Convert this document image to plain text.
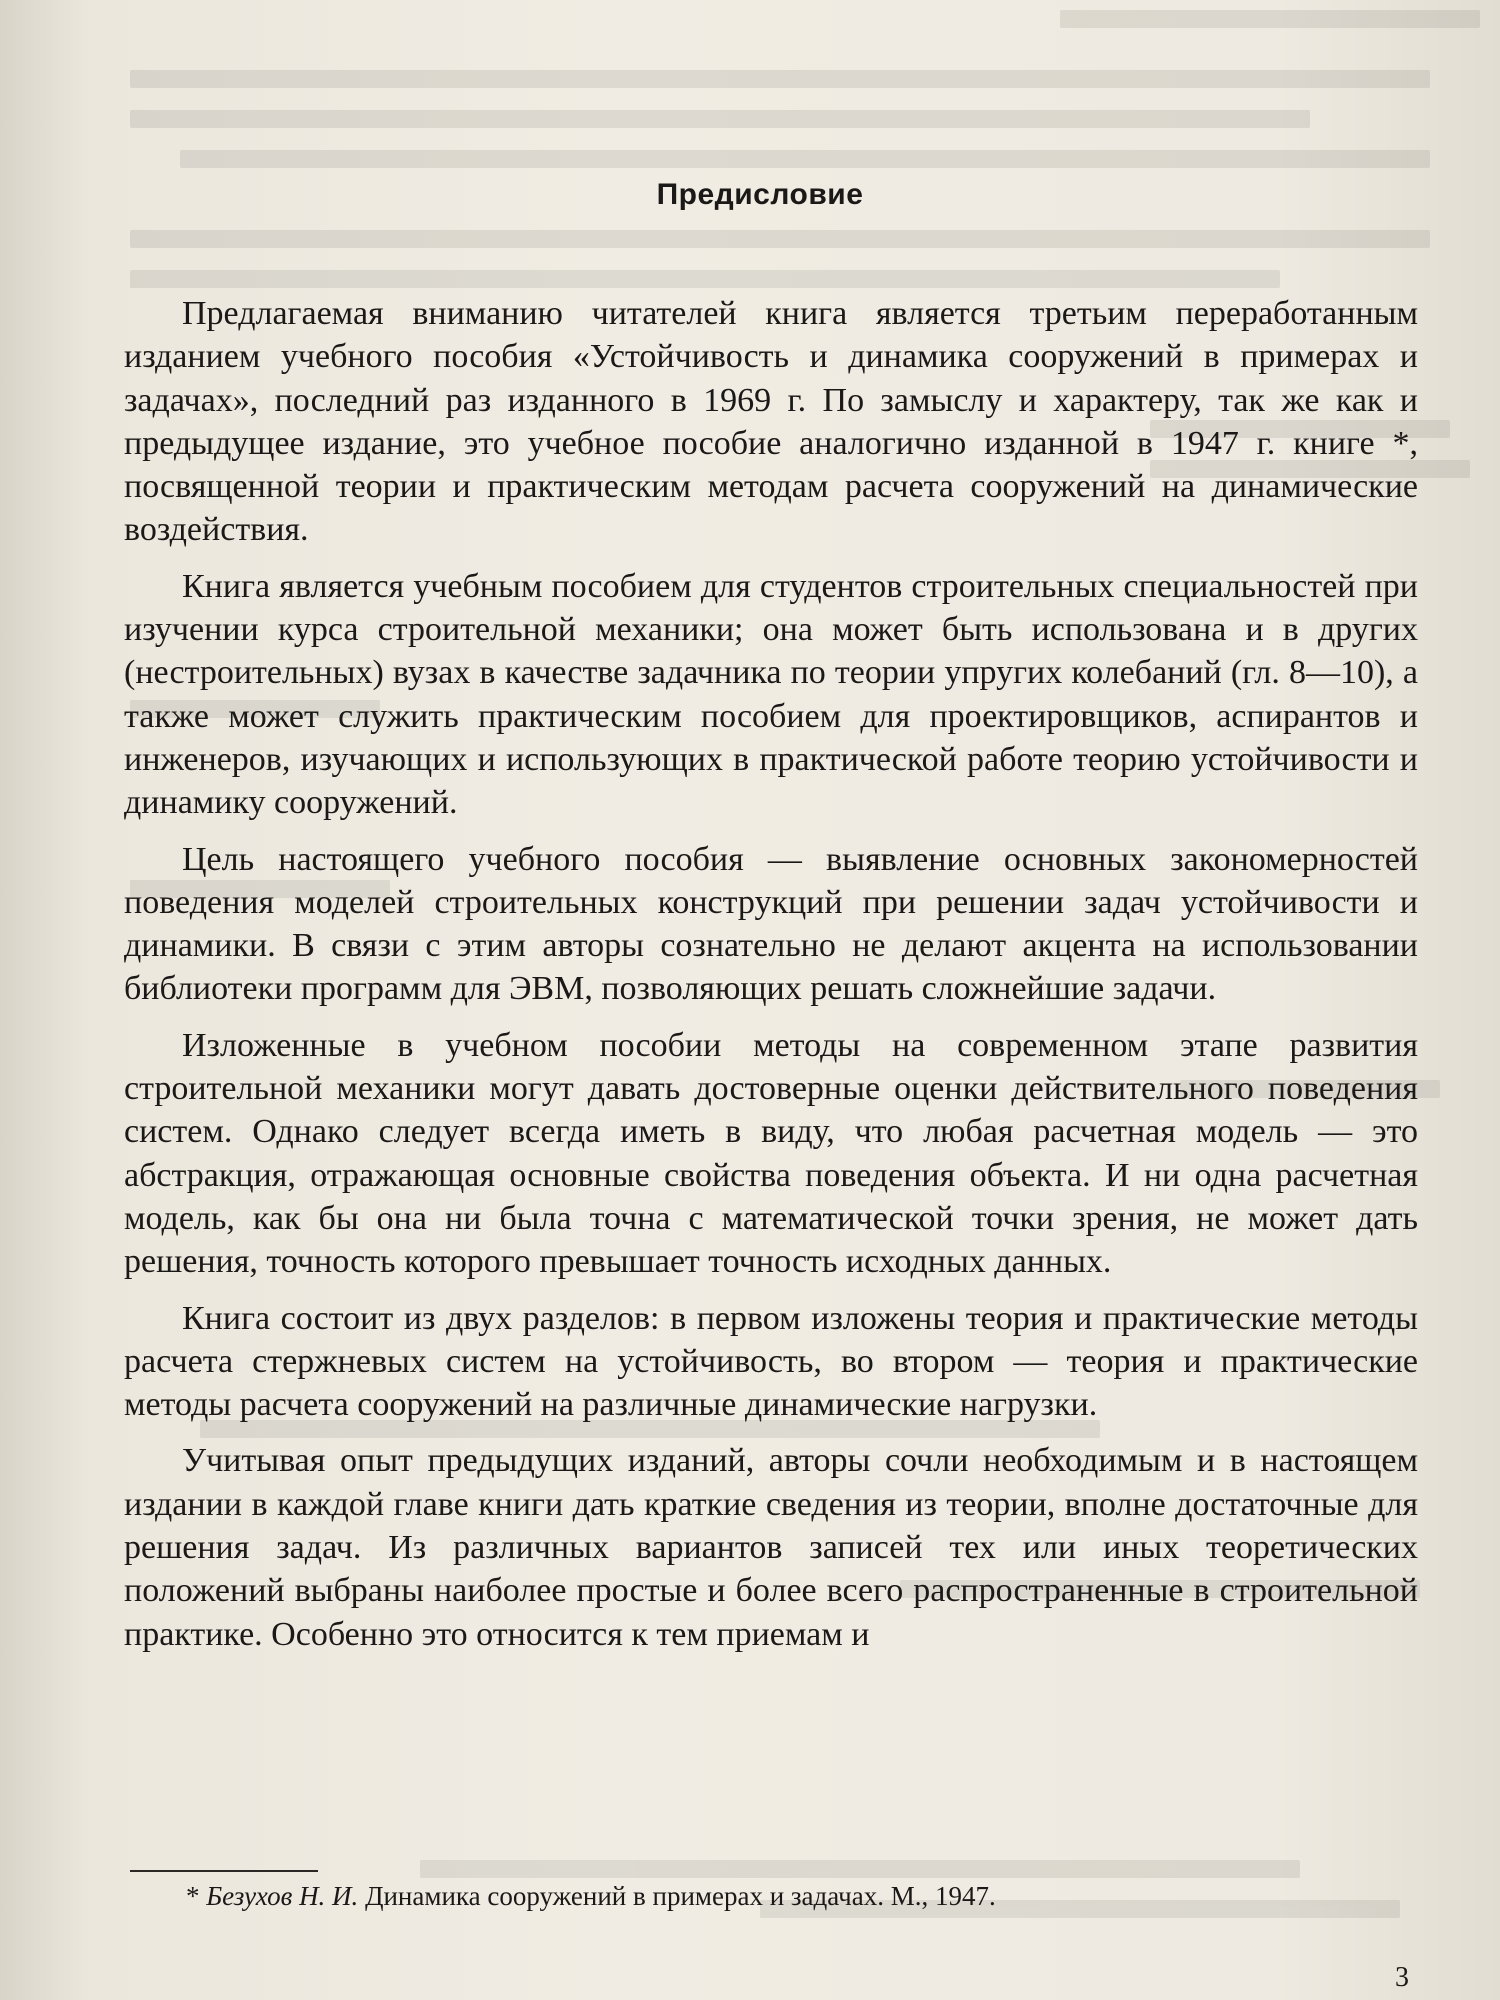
Предисловие

Предлагаемая вниманию читателей книга является третьим переработанным изданием учебного пособия «Устойчивость и динамика сооружений в примерах и задачах», последний раз изданного в 1969 г. По замыслу и характеру, так же как и предыдущее издание, это учебное пособие аналогично изданной в 1947 г. книге *, посвященной теории и практическим методам расчета сооружений на динамические воздействия.

Книга является учебным пособием для студентов строительных специальностей при изучении курса строительной механики; она может быть использована и в других (нестроительных) вузах в качестве задачника по теории упругих колебаний (гл. 8—10), а также может служить практическим пособием для проектировщиков, аспирантов и инженеров, изучающих и использующих в практической работе теорию устойчивости и динамику сооружений.

Цель настоящего учебного пособия — выявление основных закономерностей поведения моделей строительных конструкций при решении задач устойчивости и динамики. В связи с этим авторы сознательно не делают акцента на использовании библиотеки программ для ЭВМ, позволяющих решать сложнейшие задачи.

Изложенные в учебном пособии методы на современном этапе развития строительной механики могут давать достоверные оценки действительного поведения систем. Однако следует всегда иметь в виду, что любая расчетная модель — это абстракция, отражающая основные свойства поведения объекта. И ни одна расчетная модель, как бы она ни была точна с математической точки зрения, не может дать решения, точность которого превышает точность исходных данных.

Книга состоит из двух разделов: в первом изложены теория и практические методы расчета стержневых систем на устойчивость, во втором — теория и практические методы расчета сооружений на различные динамические нагрузки.

Учитывая опыт предыдущих изданий, авторы сочли необходимым и в настоящем издании в каждой главе книги дать краткие сведения из теории, вполне достаточные для решения задач. Из различных вариантов записей тех или иных теоретических положений выбраны наиболее простые и более всего распространенные в строительной практике. Особенно это относится к тем приемам и

* Безухов Н. И. Динамика сооружений в примерах и задачах. М., 1947.
3
